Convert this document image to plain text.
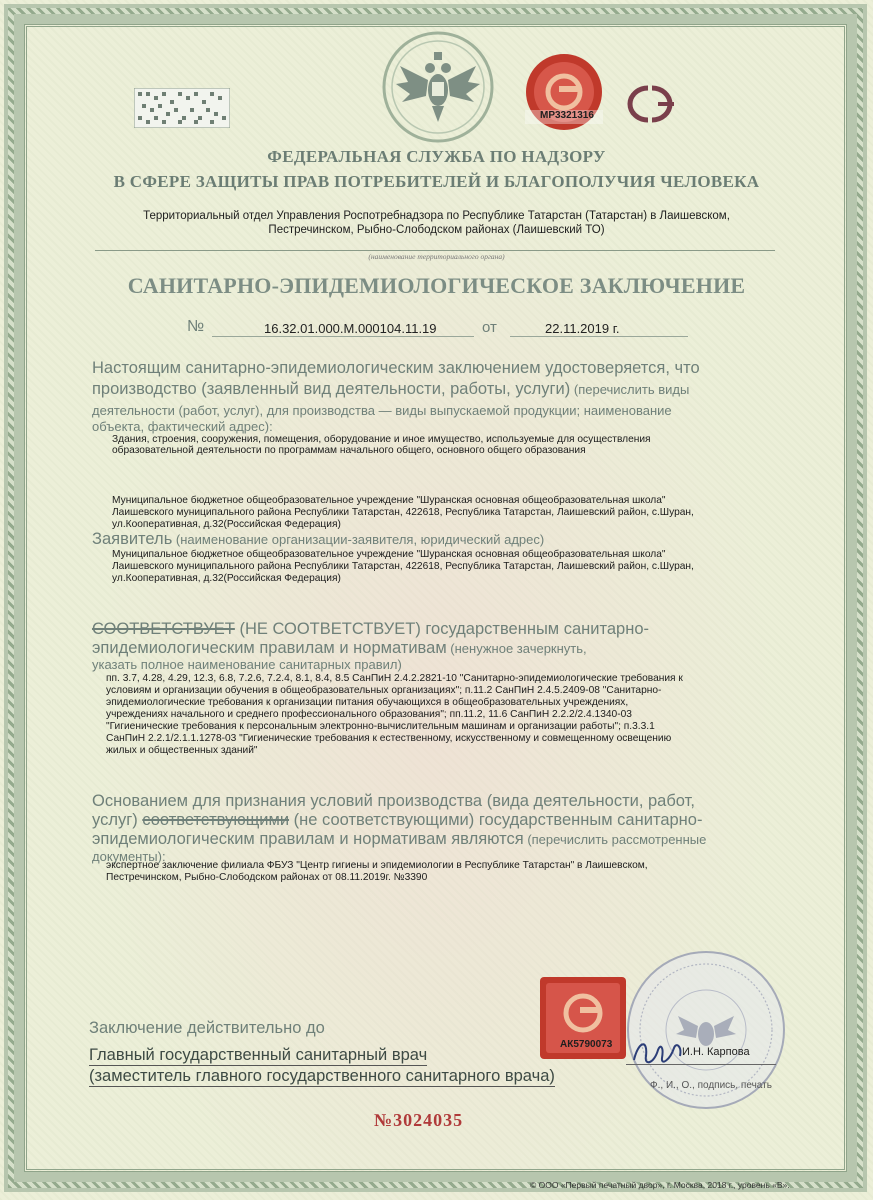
МР3321316
СЭ
ФЕДЕРАЛЬНАЯ СЛУЖБА ПО НАДЗОРУ
В СФЕРЕ ЗАЩИТЫ ПРАВ ПОТРЕБИТЕЛЕЙ И БЛАГОПОЛУЧИЯ ЧЕЛОВЕКА
Территориальный отдел Управления Роспотребнадзора по Республике Татарстан (Татарстан) в Лаишевском,
Пестречинском, Рыбно-Слободском районах (Лаишевский ТО)
(наименование территориального органа)
САНИТАРНО-ЭПИДЕМИОЛОГИЧЕСКОЕ ЗАКЛЮЧЕНИЕ
№	16.32.01.000.М.000104.11.19	от	22.11.2019 г.
Настоящим санитарно-эпидемиологическим заключением удостоверяется, что
производство (заявленный вид деятельности, работы, услуги) (перечислить виды
деятельности (работ, услуг), для производства — виды выпускаемой продукции; наименование
объекта, фактический адрес):
Здания, строения, сооружения, помещения, оборудование и иное имущество, используемые для осуществления
образовательной деятельности по программам начального общего, основного общего образования
Муниципальное бюджетное общеобразовательное учреждение "Шуранская основная общеобразовательная школа"
Лаишевского муниципального района Республики Татарстан, 422618, Республика Татарстан, Лаишевский район, с.Шуран,
ул.Кооперативная, д.32(Российская Федерация)
Заявитель (наименование организации-заявителя, юридический адрес)
Муниципальное бюджетное общеобразовательное учреждение "Шуранская основная общеобразовательная школа"
Лаишевского муниципального района Республики Татарстан, 422618, Республика Татарстан, Лаишевский район, с.Шуран,
ул.Кооперативная, д.32(Российская Федерация)
СООТВЕТСТВУЕТ (НЕ СООТВЕТСТВУЕТ) государственным санитарно-
эпидемиологическим правилам и нормативам (ненужное зачеркнуть,
указать полное наименование санитарных правил)
пп. 3.7, 4.28, 4.29, 12.3, 6.8, 7.2.6, 7.2.4, 8.1, 8.4, 8.5 СанПиН 2.4.2.2821-10 "Санитарно-эпидемиологические требования к
условиям и организации обучения в общеобразовательных организациях"; п.11.2 СанПиН 2.4.5.2409-08 "Санитарно-
эпидемиологические требования к организации питания обучающихся в общеобразовательных учреждениях,
учреждениях начального и среднего профессионального образования"; пп.11.2, 11.6 СанПиН 2.2.2/2.4.1340-03
"Гигиенические требования к персональным электронно-вычислительным машинам и организации работы"; п.3.3.1
СанПиН 2.2.1/2.1.1.1278-03 "Гигиенические требования к естественному, искусственному и совмещенному освещению
жилых и общественных зданий"
Основанием для признания условий производства (вида деятельности, работ,
услуг) соответствующими (не соответствующими) государственным санитарно-
эпидемиологическим правилам и нормативам являются (перечислить рассмотренные
документы):
экспертное заключение филиала ФБУЗ "Центр гигиены и эпидемиологии в Республике Татарстан" в Лаишевском,
Пестречинском, Рыбно-Слободском районах от 08.11.2019г. №3390
Заключение действительно до
Главный государственный санитарный врач
(заместитель главного государственного санитарного врача)
АК5790073
И.Н. Карпова
Ф., И., О., подпись, печать
№3024035
© ООО «Первый печатный двор», г. Москва, 2018 г., уровень «В».
